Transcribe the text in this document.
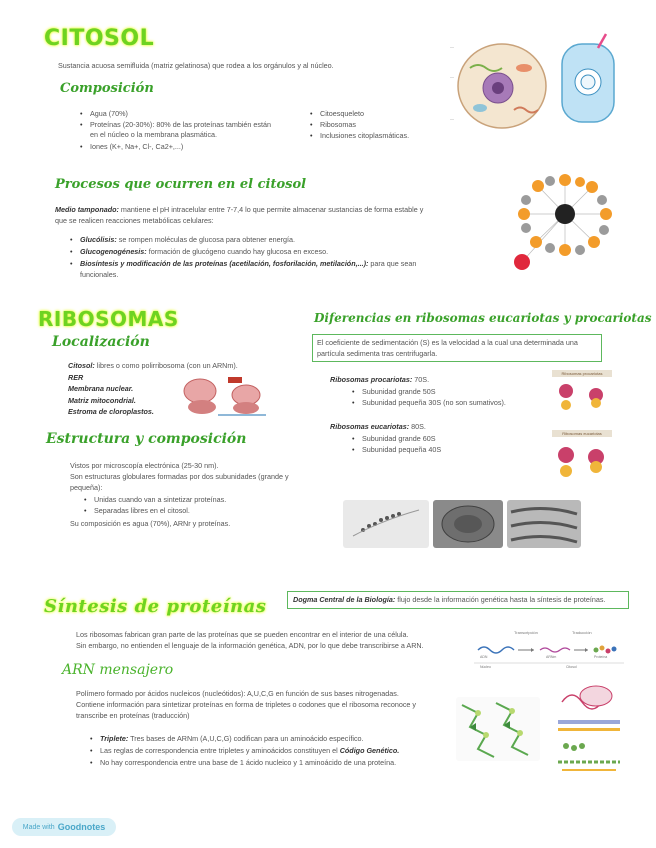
CITOSOL
Sustancia acuosa semifluida (matriz gelatinosa) que rodea a los orgánulos y al núcleo.
Composición
• Agua (70%)
• Proteínas (20-30%): 80% de las proteínas también están en el núcleo o la membrana plasmática.
• Iones (K+, Na+, Cl-, Ca2+,...)
• Citoesqueleto
• Ribosomas
• Inclusiones citoplasmáticas.
—
—
—
Procesos que ocurren en el citosol
Medio tamponado: mantiene el pH intracelular entre 7-7,4 lo que permite almacenar sustancias de forma estable y que se realicen reacciones metabólicas celulares:
• Glucólisis: se rompen moléculas de glucosa para obtener energía.
• Glucogenogénesis: formación de glucógeno cuando hay glucosa en exceso.
• Biosíntesis y modificación de las proteínas (acetilación, fosforilación, metilación,...): para que sean funcionales.
RIBOSOMAS
Localización
Citosol: libres o como polirribosoma (con un ARNm).
RER
Membrana nuclear.
Matriz mitocondrial.
Estroma de cloroplastos.
Estructura y composición
Vistos por microscopía electrónica (25-30 nm).
Son estructuras globulares formadas por dos subunidades (grande y pequeña):
• Unidas cuando van a sintetizar proteínas.
• Separadas libres en el citosol.
Su composición es agua (70%), ARNr y proteínas.
Diferencias en ribosomas eucariotas y procariotas
El coeficiente de sedimentación (S) es la velocidad a la cual una determinada una partícula sedimenta tras centrifugarla.
Ribosomas procariotas: 70S.
• Subunidad grande 50S
• Subunidad pequeña 30S (no son sumativos).
Ribosomas eucariotas: 80S.
• Subunidad grande 60S
• Subunidad pequeña 40S
Ribosomas procariotas
Ribosomas eucariotas
Síntesis de proteínas	Dogma Central de la Biología: flujo desde la información genética hasta la síntesis de proteínas.
Los ribosomas fabrican gran parte de las proteínas que se pueden encontrar en el interior de una célula.
Sin embargo, no entienden el lenguaje de la información genética, ADN, por lo que debe transcribirse a ARN.
Transcripción	Traducción
ADN	ARNm	Proteína
Núcleo	Citosol
ARN mensajero
Polímero formado por ácidos nucleicos (nucleótidos): A,U,C,G en función de sus bases nitrogenadas.
Contiene información para sintetizar proteínas en forma de tripletes o codones que el ribosoma reconoce y transcribe en proteínas (traducción)
• Triplete: Tres bases de ARNm (A,U,C,G) codifican para un aminoácido específico.
• Las reglas de correspondencia entre tripletes y aminoácidos constituyen el Código Genético.
• No hay correspondencia entre una base de 1 ácido nucleico y 1 aminoácido de una proteína.
Made with Goodnotes
